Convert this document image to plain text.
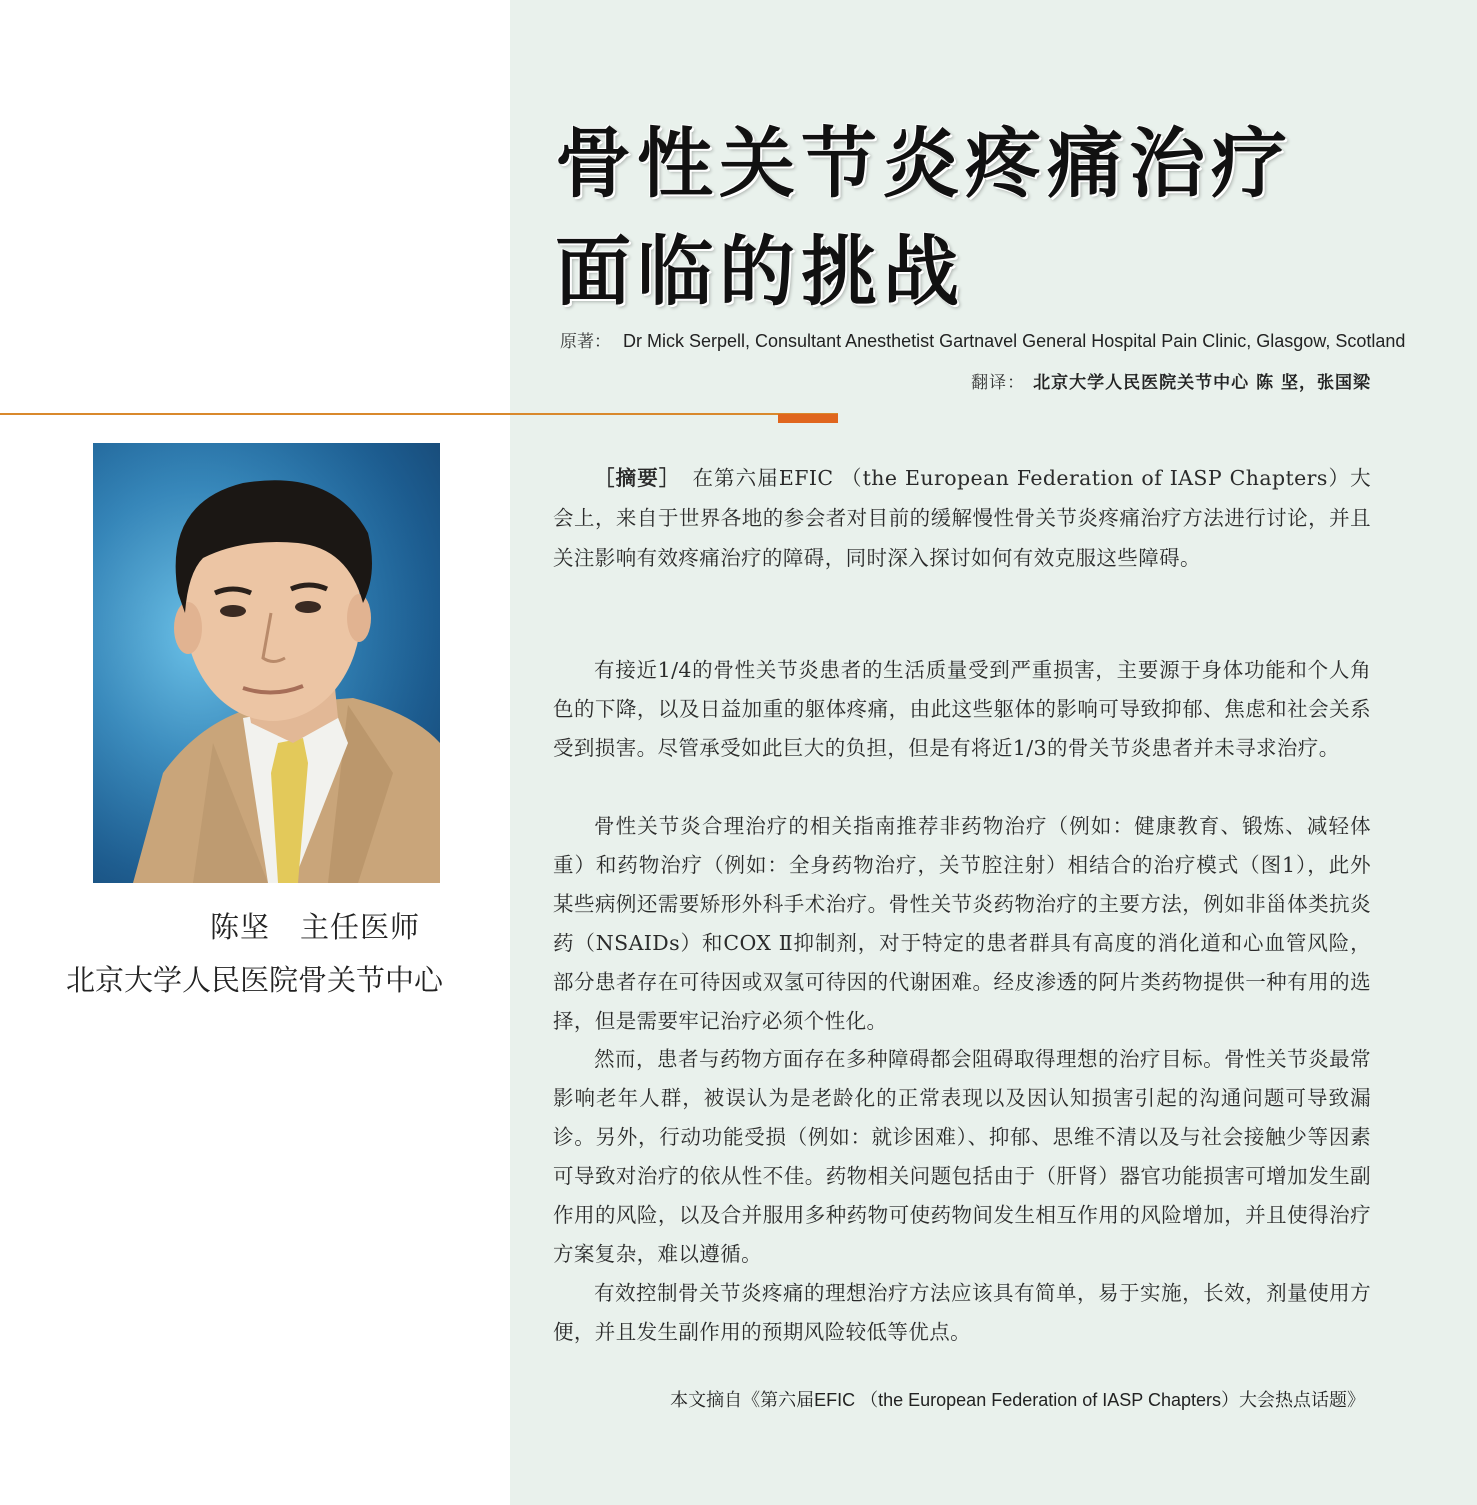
骨性关节炎疼痛治疗
面临的挑战
原著： Dr Mick Serpell, Consultant Anesthetist Gartnavel General Hospital Pain Clinic, Glasgow, Scotland
翻译： 北京大学人民医院关节中心 陈 坚，张国梁
陈坚 主任医师
北京大学人民医院骨关节中心

［摘要］ 在第六届EFIC （the European Federation of IASP Chapters）大会上，来自于世界各地的参会者对目前的缓解慢性骨关节炎疼痛治疗方法进行讨论，并且关注影响有效疼痛治疗的障碍，同时深入探讨如何有效克服这些障碍。

有接近1/4的骨性关节炎患者的生活质量受到严重损害，主要源于身体功能和个人角色的下降，以及日益加重的躯体疼痛，由此这些躯体的影响可导致抑郁、焦虑和社会关系受到损害。尽管承受如此巨大的负担，但是有将近1/3的骨关节炎患者并未寻求治疗。

骨性关节炎合理治疗的相关指南推荐非药物治疗（例如：健康教育、锻炼、减轻体重）和药物治疗（例如：全身药物治疗，关节腔注射）相结合的治疗模式（图1），此外某些病例还需要矫形外科手术治疗。骨性关节炎药物治疗的主要方法，例如非甾体类抗炎药（NSAIDs）和COX Ⅱ抑制剂，对于特定的患者群具有高度的消化道和心血管风险，部分患者存在可待因或双氢可待因的代谢困难。经皮渗透的阿片类药物提供一种有用的选择，但是需要牢记治疗必须个性化。

然而，患者与药物方面存在多种障碍都会阻碍取得理想的治疗目标。骨性关节炎最常影响老年人群，被误认为是老龄化的正常表现以及因认知损害引起的沟通问题可导致漏诊。另外，行动功能受损（例如：就诊困难）、抑郁、思维不清以及与社会接触少等因素可导致对治疗的依从性不佳。药物相关问题包括由于（肝肾）器官功能损害可增加发生副作用的风险，以及合并服用多种药物可使药物间发生相互作用的风险增加，并且使得治疗方案复杂，难以遵循。

有效控制骨关节炎疼痛的理想治疗方法应该具有简单，易于实施，长效，剂量使用方便，并且发生副作用的预期风险较低等优点。

本文摘自《第六届EFIC （the European Federation of IASP Chapters）大会热点话题》
